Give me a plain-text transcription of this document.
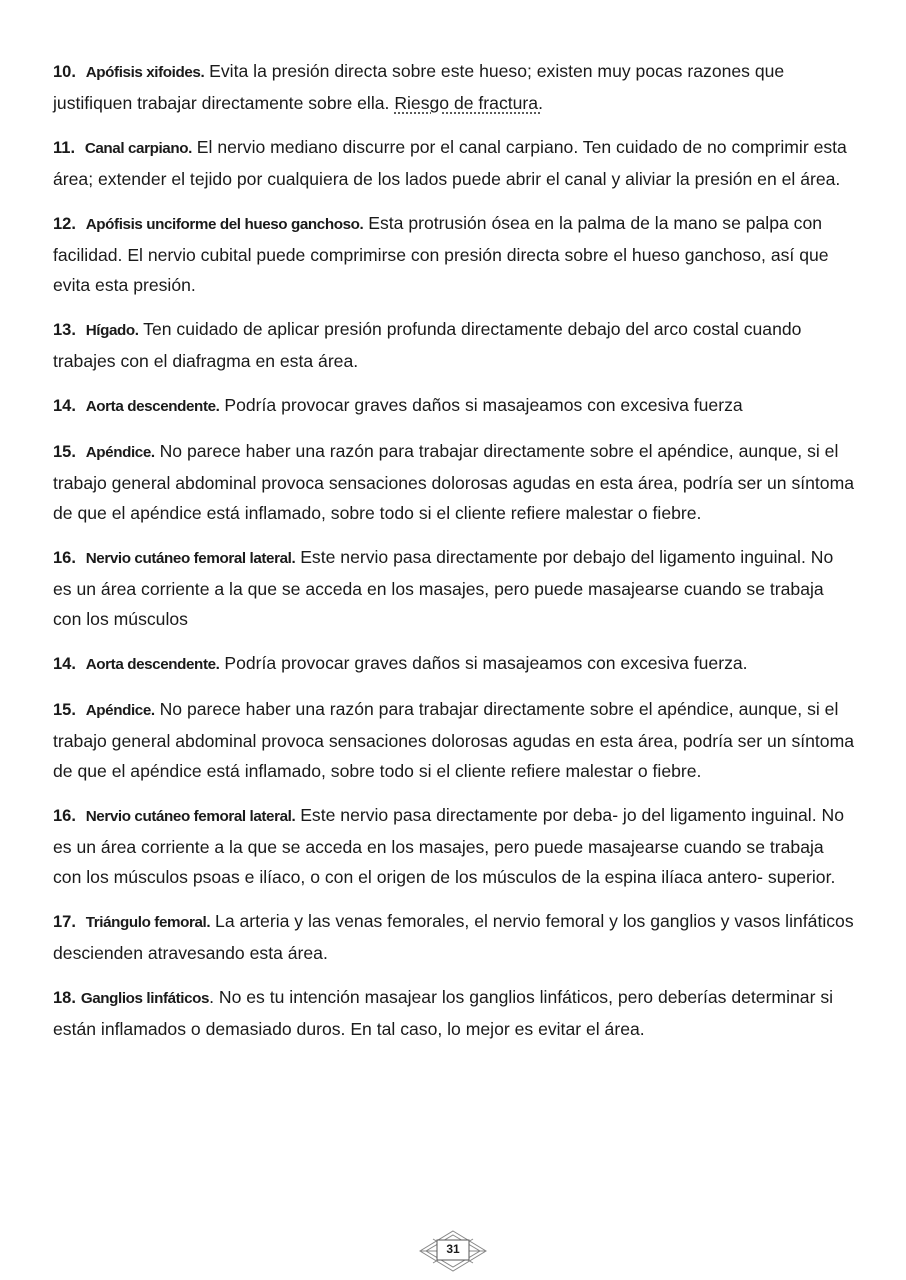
10. Apófisis xifoides. Evita la presión directa sobre este hueso; existen muy pocas razones que justifiquen trabajar directamente sobre ella. Riesgo de fractura.

11. Canal carpiano. El nervio mediano discurre por el canal carpiano. Ten cuidado de no comprimir esta área; extender el tejido por cualquiera de los lados puede abrir el canal y aliviar la presión en el área.

12. Apófisis unciforme del hueso ganchoso. Esta protrusión ósea en la palma de la mano se palpa con facilidad. El nervio cubital puede comprimirse con presión directa sobre el hueso ganchoso, así que evita esta presión.

13. Hígado. Ten cuidado de aplicar presión profunda directamente debajo del arco costal cuando trabajes con el diafragma en esta área.

14. Aorta descendente. Podría provocar graves daños si masajeamos con excesiva fuerza

15. Apéndice. No parece haber una razón para trabajar directamente sobre el apéndice, aunque, si el trabajo general abdominal provoca sensaciones dolorosas agudas en esta área, podría ser un síntoma de que el apéndice está inflamado, sobre todo si el cliente refiere malestar o fiebre.

16. Nervio cutáneo femoral lateral. Este nervio pasa directamente por debajo del ligamento inguinal. No es un área corriente a la que se acceda en los masajes, pero puede masajearse cuando se trabaja con los músculos

14. Aorta descendente. Podría provocar graves daños si masajeamos con excesiva fuerza.

15. Apéndice. No parece haber una razón para trabajar directamente sobre el apéndice, aunque, si el trabajo general abdominal provoca sensaciones dolorosas agudas en esta área, podría ser un síntoma de que el apéndice está inflamado, sobre todo si el cliente refiere malestar o fiebre.

16. Nervio cutáneo femoral lateral. Este nervio pasa directamente por deba- jo del ligamento inguinal. No es un área corriente a la que se acceda en los masajes, pero puede masajearse cuando se trabaja con los músculos psoas e ilíaco, o con el origen de los músculos de la espina ilíaca antero- superior.

17. Triángulo femoral. La arteria y las venas femorales, el nervio femoral y los ganglios y vasos linfáticos descienden atravesando esta área.

18. Ganglios linfáticos. No es tu intención masajear los ganglios linfáticos, pero deberías determinar si están inflamados o demasiado duros. En tal caso, lo mejor es evitar el área.

31
